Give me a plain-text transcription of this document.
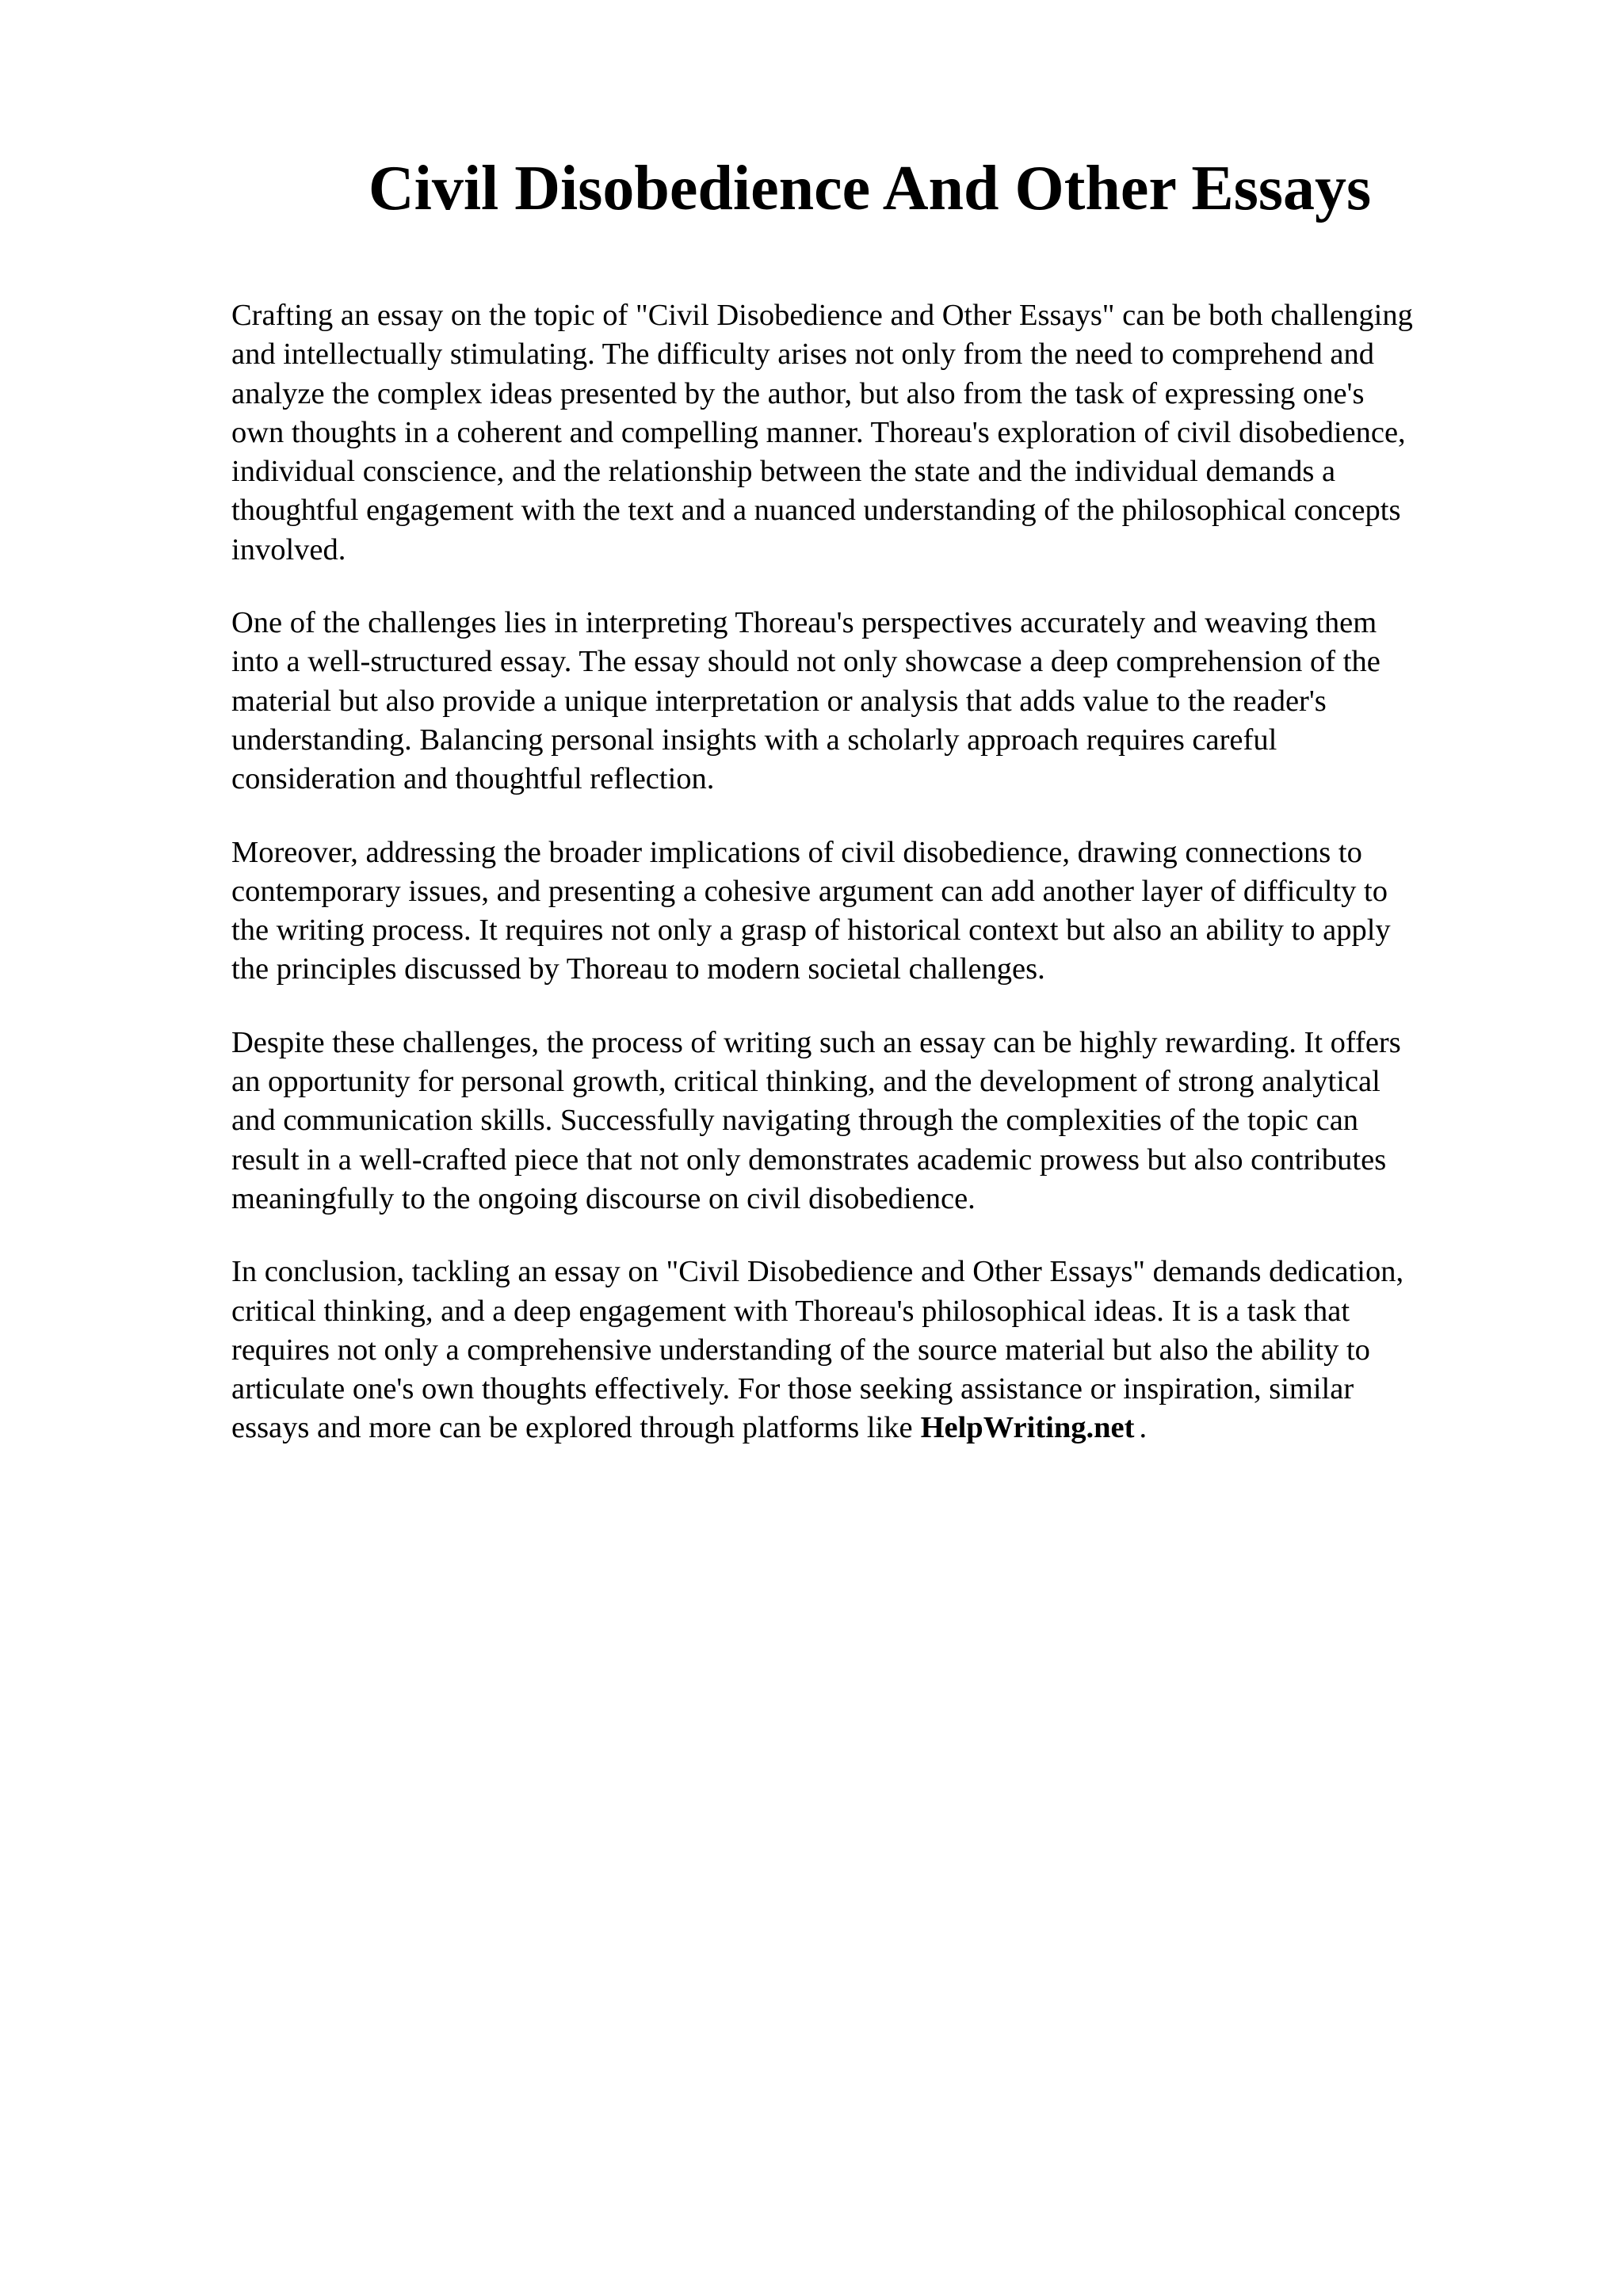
Civil Disobedience And Other Essays

Crafting an essay on the topic of "Civil Disobedience and Other Essays" can be both challenging
and intellectually stimulating. The difficulty arises not only from the need to comprehend and
analyze the complex ideas presented by the author, but also from the task of expressing one's
own thoughts in a coherent and compelling manner. Thoreau's exploration of civil disobedience,
individual conscience, and the relationship between the state and the individual demands a
thoughtful engagement with the text and a nuanced understanding of the philosophical concepts
involved.

One of the challenges lies in interpreting Thoreau's perspectives accurately and weaving them
into a well-structured essay. The essay should not only showcase a deep comprehension of the
material but also provide a unique interpretation or analysis that adds value to the reader's
understanding. Balancing personal insights with a scholarly approach requires careful
consideration and thoughtful reflection.

Moreover, addressing the broader implications of civil disobedience, drawing connections to
contemporary issues, and presenting a cohesive argument can add another layer of difficulty to
the writing process. It requires not only a grasp of historical context but also an ability to apply
the principles discussed by Thoreau to modern societal challenges.

Despite these challenges, the process of writing such an essay can be highly rewarding. It offers
an opportunity for personal growth, critical thinking, and the development of strong analytical
and communication skills. Successfully navigating through the complexities of the topic can
result in a well-crafted piece that not only demonstrates academic prowess but also contributes
meaningfully to the ongoing discourse on civil disobedience.

In conclusion, tackling an essay on "Civil Disobedience and Other Essays" demands dedication,
critical thinking, and a deep engagement with Thoreau's philosophical ideas. It is a task that
requires not only a comprehensive understanding of the source material but also the ability to
articulate one's own thoughts effectively. For those seeking assistance or inspiration, similar
essays and more can be explored through platforms like HelpWriting.net .
